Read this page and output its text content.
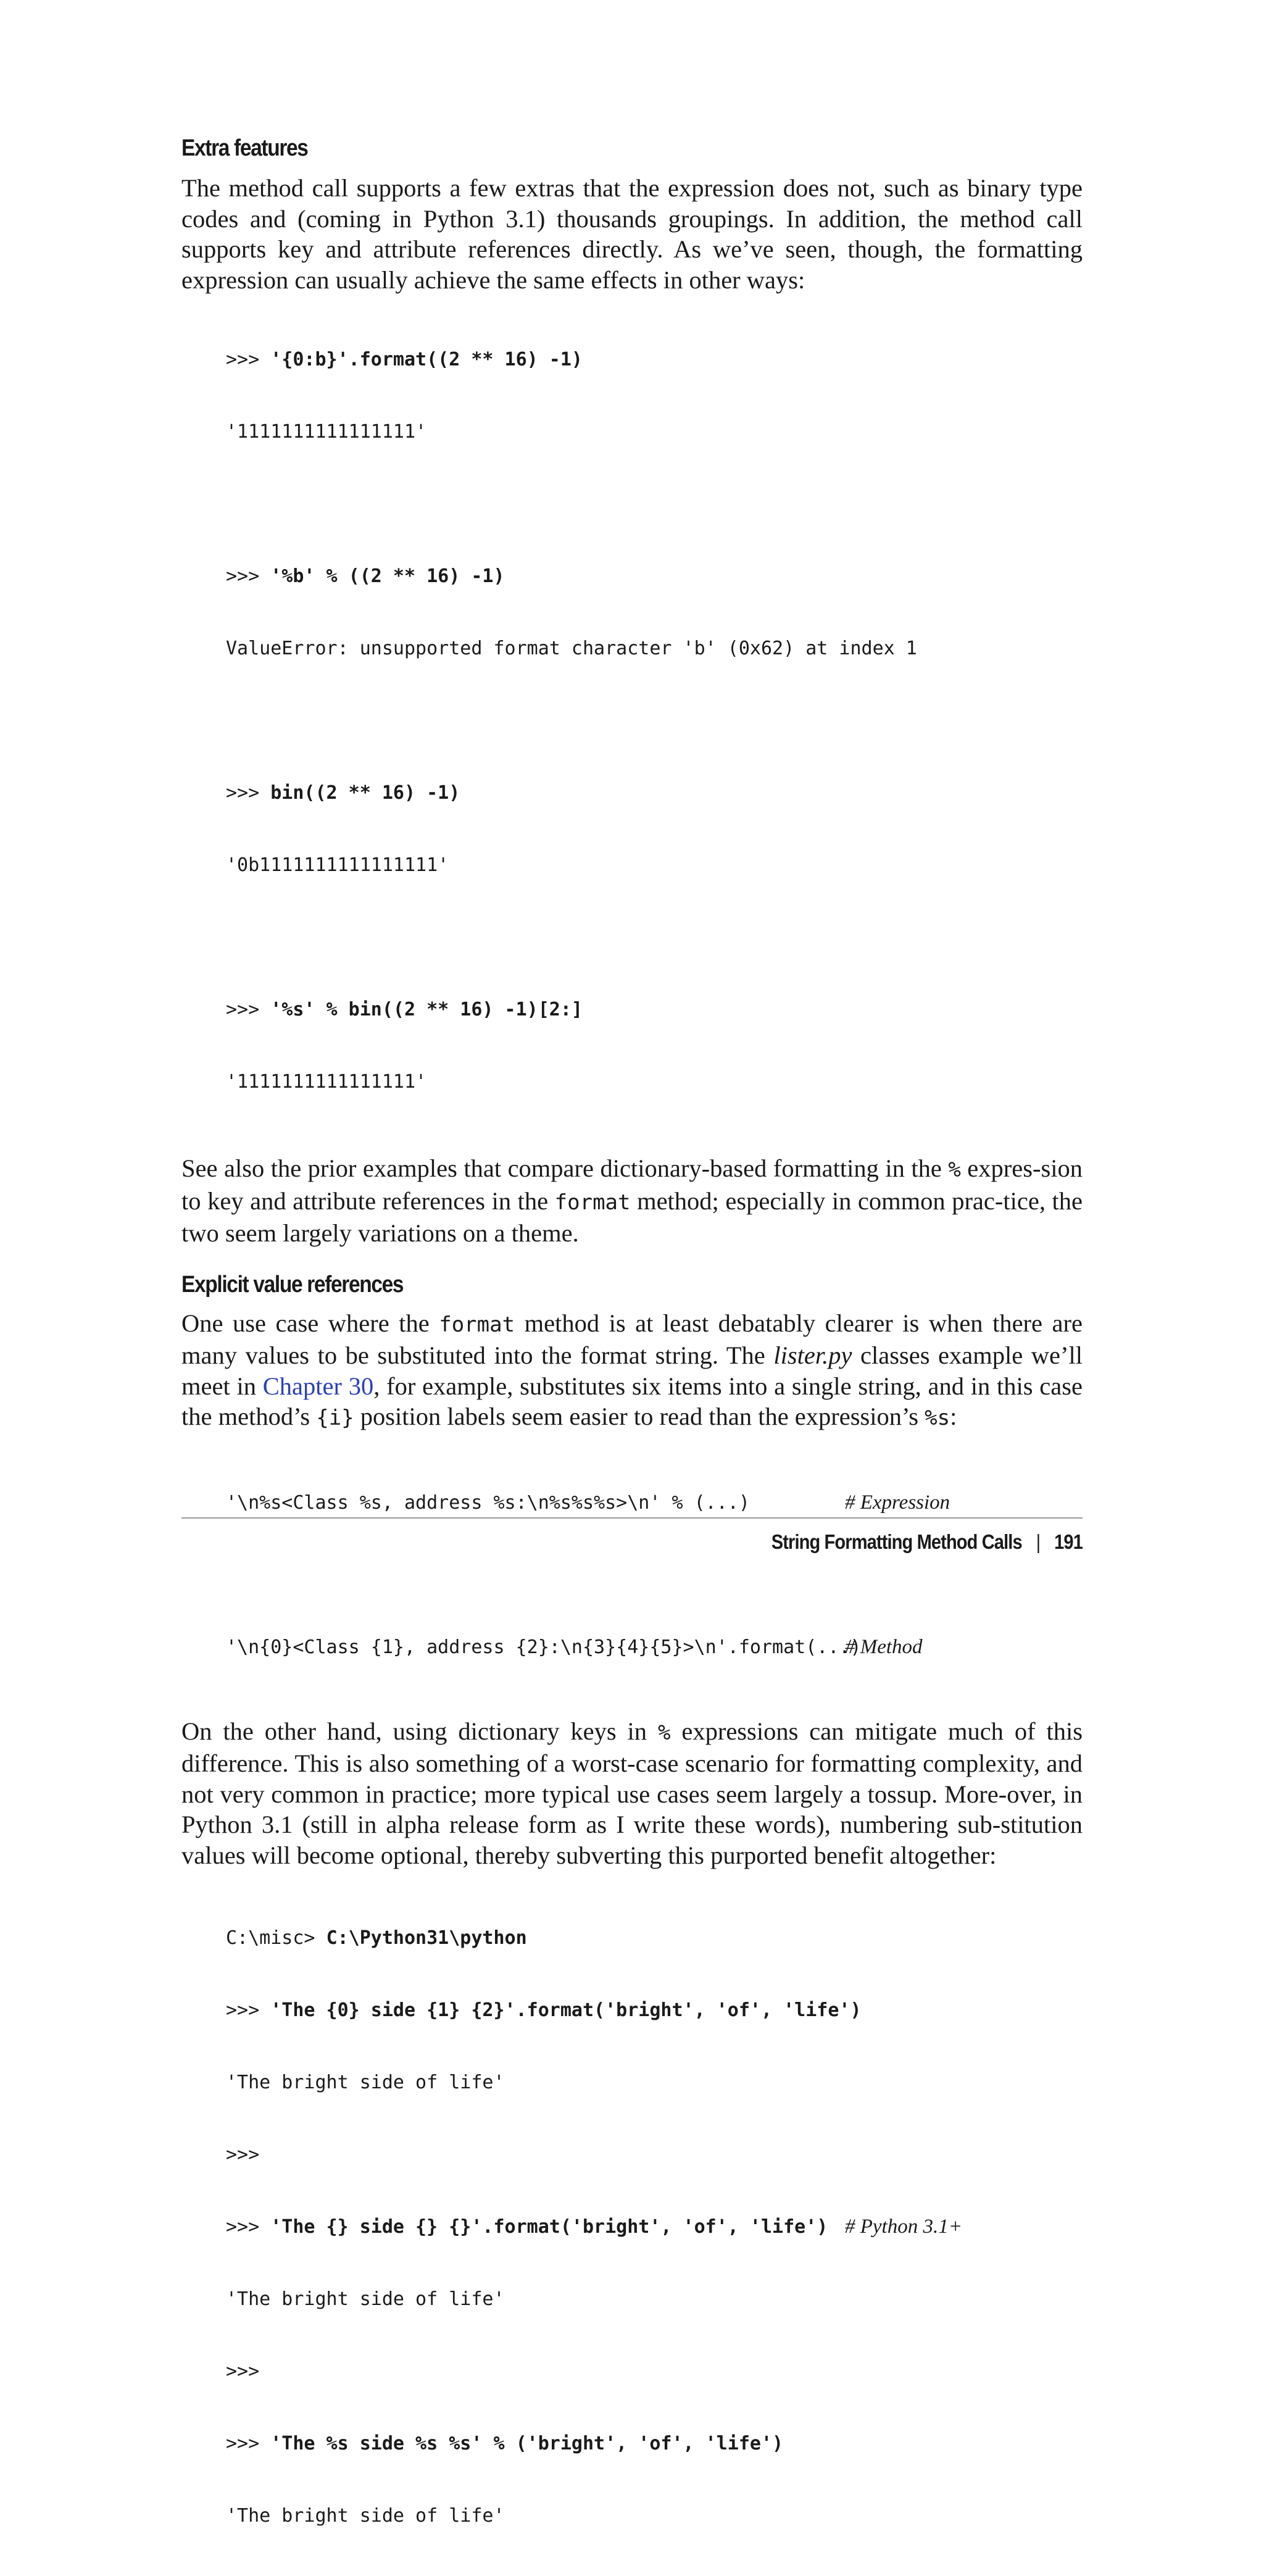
Extra features

The method call supports a few extras that the expression does not, such as binary type codes and (coming in Python 3.1) thousands groupings. In addition, the method call supports key and attribute references directly. As we’ve seen, though, the formatting expression can usually achieve the same effects in other ways:

>>> '{0:b}'.format((2 ** 16) -1)

'1111111111111111'

>>> '%b' % ((2 ** 16) -1)

ValueError: unsupported format character 'b' (0x62) at index 1

>>> bin((2 ** 16) -1)

'0b1111111111111111'

>>> '%s' % bin((2 ** 16) -1)[2:]

'1111111111111111'

See also the prior examples that compare dictionary-based formatting in the % expres-sion to key and attribute references in the format method; especially in common prac-tice, the two seem largely variations on a theme.

Explicit value references

One use case where the format method is at least debatably clearer is when there are many values to be substituted into the format string. The lister.py classes example we’ll meet in Chapter 30, for example, substitutes six items into a single string, and in this case the method’s {i} position labels seem easier to read than the expression’s %s:

'\n%s<Class %s, address %s:\n%s%s%s>\n' % (...)	# Expression

'\n{0}<Class {1}, address {2}:\n{3}{4}{5}>\n'.format(...)
# Method

On the other hand, using dictionary keys in % expressions can mitigate much of this difference. This is also something of a worst-case scenario for formatting complexity, and not very common in practice; more typical use cases seem largely a tossup. More-over, in Python 3.1 (still in alpha release form as I write these words), numbering sub-stitution values will become optional, thereby subverting this purported benefit altogether:

C:\misc> C:\Python31\python

>>> 'The {0} side {1} {2}'.format('bright', 'of', 'life')

'The bright side of life'

>>>

>>> 'The {} side {} {}'.format('bright', 'of', 'life') # Python 3.1+

'The bright side of life'

>>>

>>> 'The %s side %s %s' % ('bright', 'of', 'life')

'The bright side of life'

String Formatting Method Calls | 191
